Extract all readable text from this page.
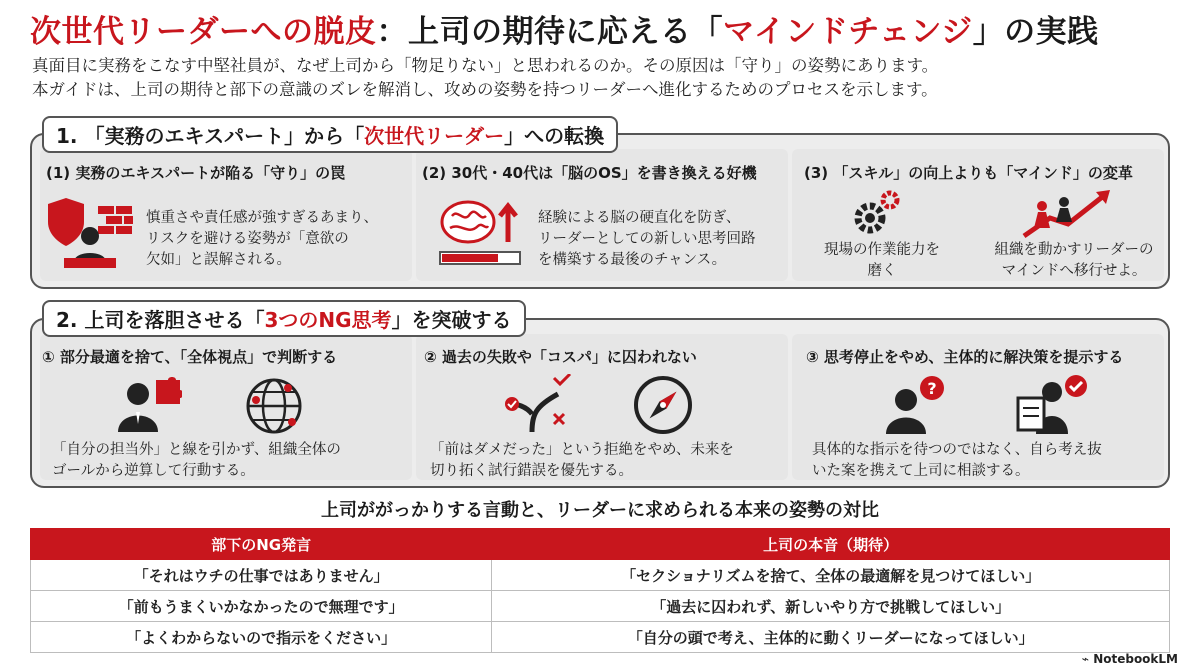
次世代リーダーへの脱皮：上司の期待に応える「マインドチェンジ」の実践
真面目に実務をこなす中堅社員が、なぜ上司から「物足りない」と思われるのか。その原因は「守り」の姿勢にあります。
本ガイドは、上司の期待と部下の意識のズレを解消し、攻めの姿勢を持つリーダーへ進化するためのプロセスを示します。
1. 「実務のエキスパート」から「次世代リーダー」への転換
(1) 実務のエキスパートが陥る「守り」の罠
慎重さや責任感が強すぎるあまり、
リスクを避ける姿勢が「意欲の
欠如」と誤解される。
(2) 30代・40代は「脳のOS」を書き換える好機
経験による脳の硬直化を防ぎ、
リーダーとしての新しい思考回路
を構築する最後のチャンス。
(3) 「スキル」の向上よりも「マインド」の変革
現場の作業能力を
磨く
組織を動かすリーダーの
マインドへ移行せよ。
2. 上司を落胆させる「3つのNG思考」を突破する
① 部分最適を捨て、「全体視点」で判断する
「自分の担当外」と線を引かず、組織全体の
ゴールから逆算して行動する。
② 過去の失敗や「コスパ」に囚われない
「前はダメだった」という拒絶をやめ、未来を
切り拓く試行錯誤を優先する。
③ 思考停止をやめ、主体的に解決策を提示する
?
具体的な指示を待つのではなく、自ら考え抜
いた案を携えて上司に相談する。
上司ががっかりする言動と、リーダーに求められる本来の姿勢の対比
部下のNG発言	上司の本音（期待）
「それはウチの仕事ではありません」	「セクショナリズムを捨て、全体の最適解を見つけてほしい」
「前もうまくいかなかったので無理です」	「過去に囚われず、新しいやり方で挑戦してほしい」
「よくわからないので指示をください」	「自分の頭で考え、主体的に動くリーダーになってほしい」
⌁ NotebookLM
